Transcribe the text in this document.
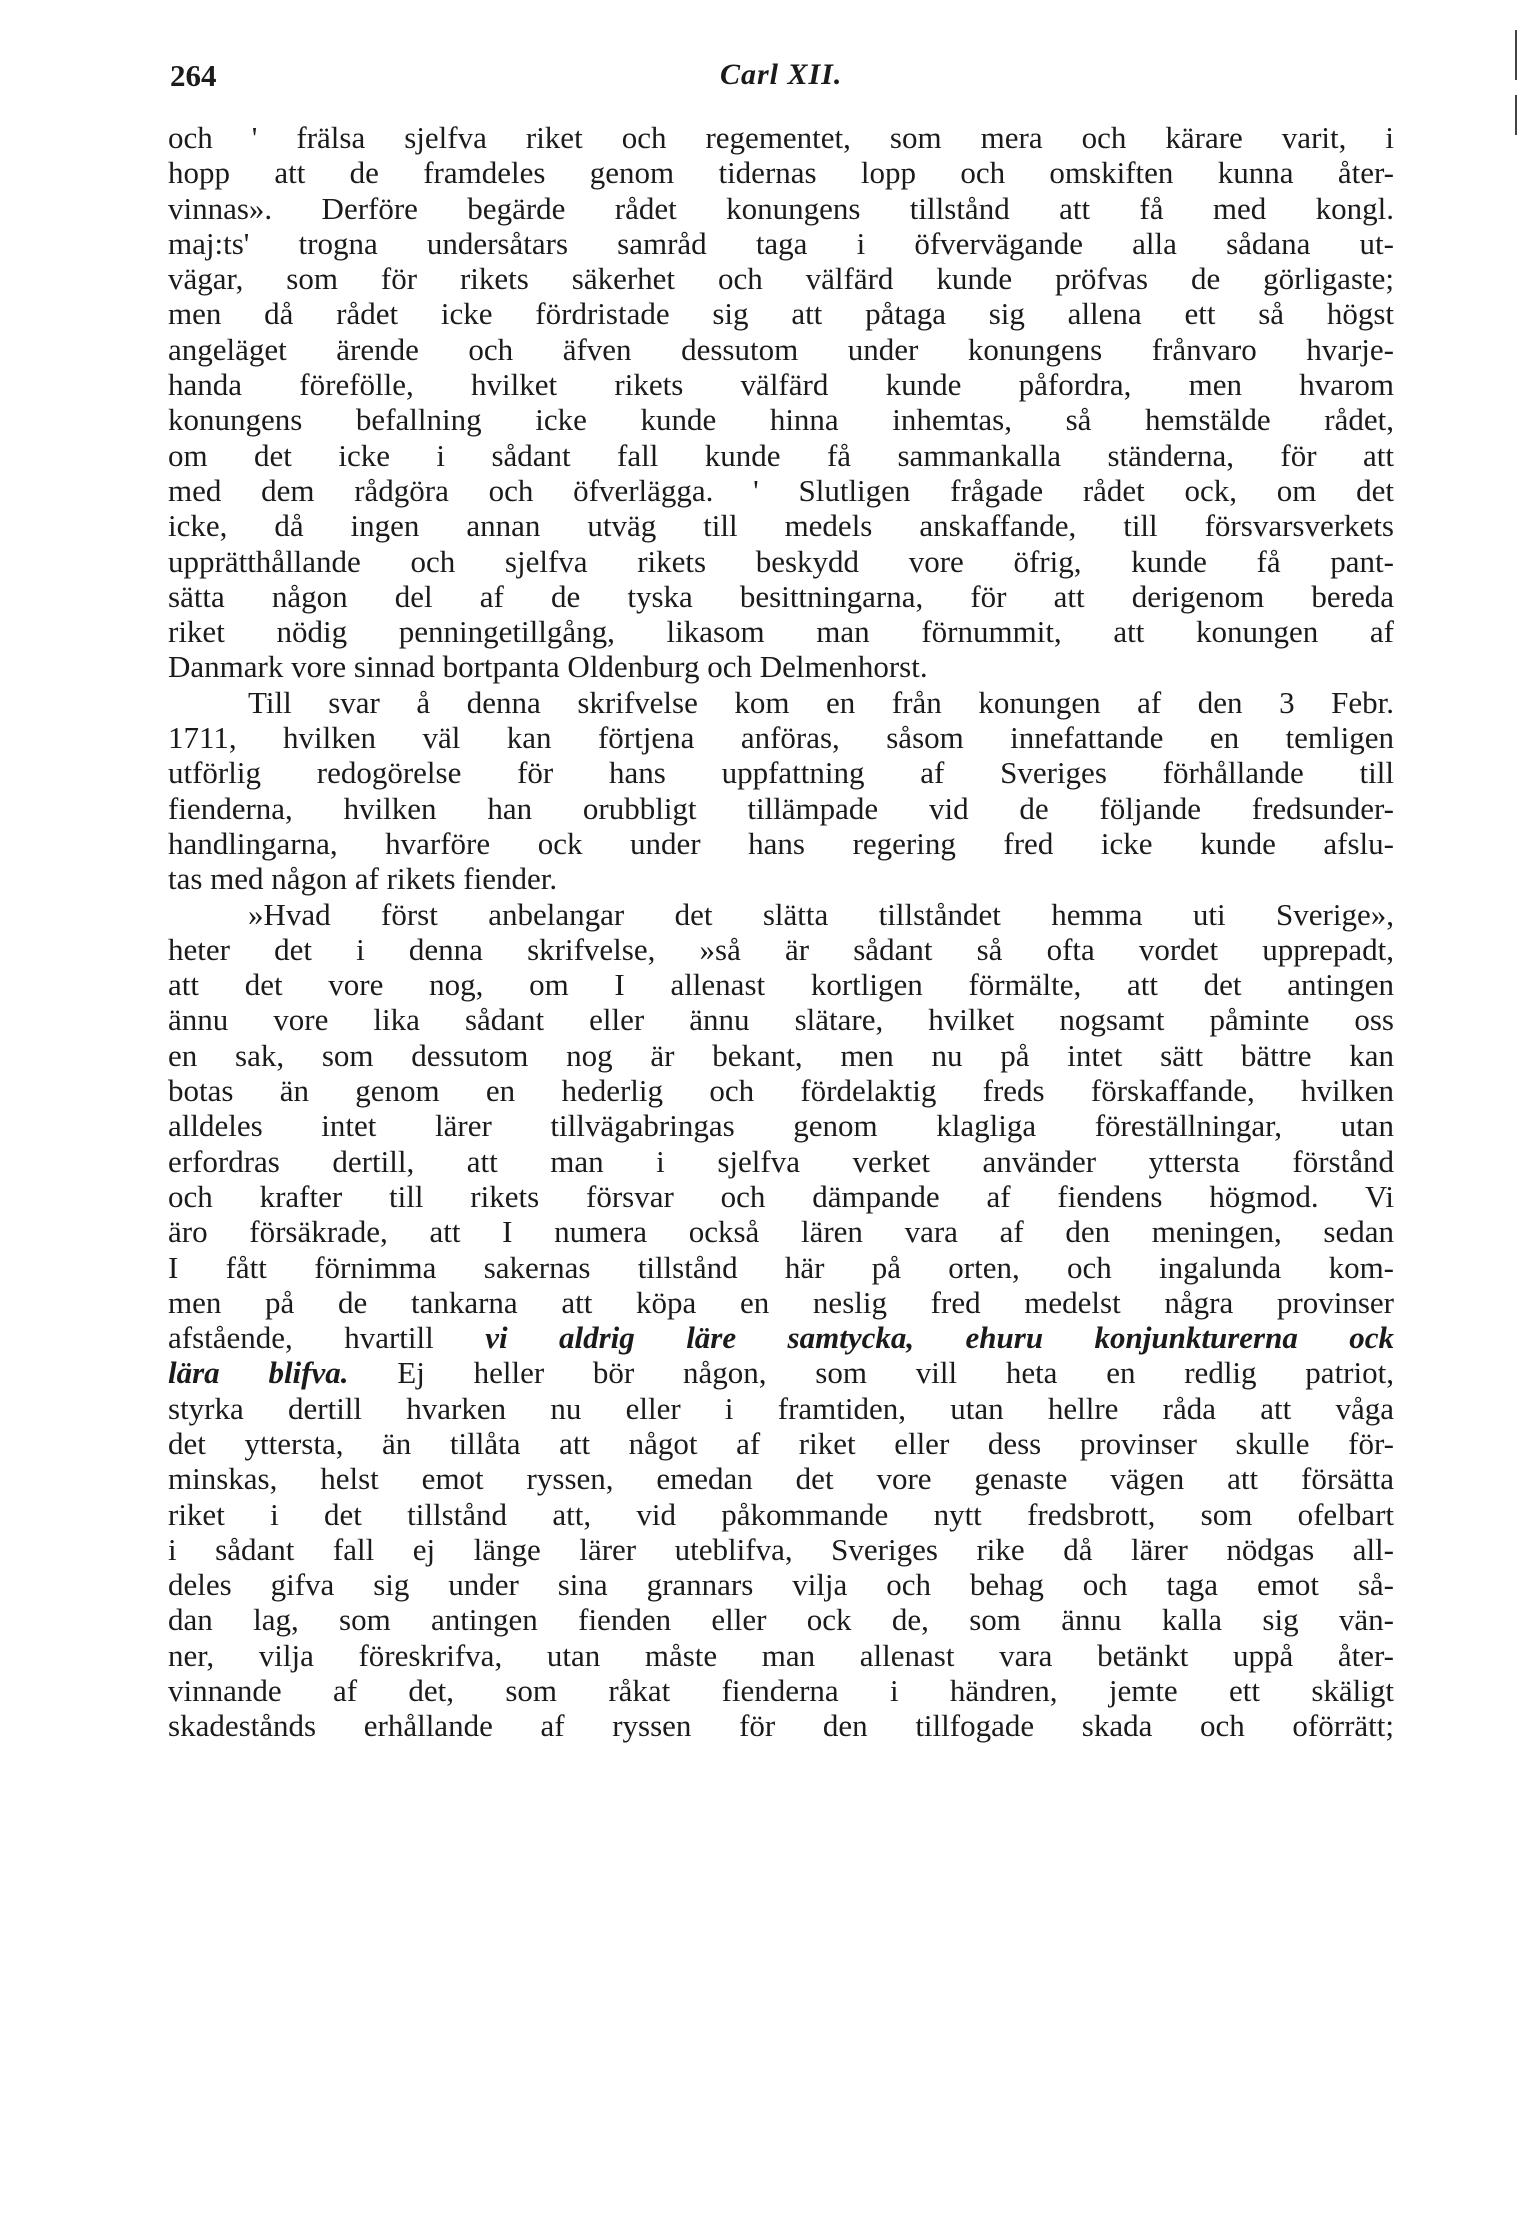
264	Carl XII.
och ' frälsa sjelfva riket och regementet, som mera och kärare varit, i
hopp att de framdeles genom tidernas lopp och omskiften kunna åter-
vinnas». Derföre begärde rådet konungens tillstånd att få med kongl.
maj:ts' trogna undersåtars samråd taga i öfvervägande alla sådana ut-
vägar, som för rikets säkerhet och välfärd kunde pröfvas de görligaste;
men då rådet icke fördristade sig att påtaga sig allena ett så högst
angeläget ärende och äfven dessutom under konungens frånvaro hvarje-
handa förefölle, hvilket rikets välfärd kunde påfordra, men hvarom
konungens befallning icke kunde hinna inhemtas, så hemstälde rådet,
om det icke i sådant fall kunde få sammankalla ständerna, för att
med dem rådgöra och öfverlägga. ' Slutligen frågade rådet ock, om det
icke, då ingen annan utväg till medels anskaffande, till försvarsverkets
upprätthållande och sjelfva rikets beskydd vore öfrig, kunde få pant-
sätta någon del af de tyska besittningarna, för att derigenom bereda
riket nödig penningetillgång, likasom man förnummit, att konungen af
Danmark vore sinnad bortpanta Oldenburg och Delmenhorst.
Till svar å denna skrifvelse kom en från konungen af den 3 Febr.
1711, hvilken väl kan förtjena anföras, såsom innefattande en temligen
utförlig redogörelse för hans uppfattning af Sveriges förhållande till
fienderna, hvilken han orubbligt tillämpade vid de följande fredsunder-
handlingarna, hvarföre ock under hans regering fred icke kunde afslu-
tas med någon af rikets fiender.
»Hvad först anbelangar det slätta tillståndet hemma uti Sverige»,
heter det i denna skrifvelse, »så är sådant så ofta vordet upprepadt,
att det vore nog, om I allenast kortligen förmälte, att det antingen
ännu vore lika sådant eller ännu slätare, hvilket nogsamt påminte oss
en sak, som dessutom nog är bekant, men nu på intet sätt bättre kan
botas än genom en hederlig och fördelaktig freds förskaffande, hvilken
alldeles intet lärer tillvägabringas genom klagliga föreställningar, utan
erfordras dertill, att man i sjelfva verket använder yttersta förstånd
och krafter till rikets försvar och dämpande af fiendens högmod. Vi
äro försäkrade, att I numera också lären vara af den meningen, sedan
I fått förnimma sakernas tillstånd här på orten, och ingalunda kom-
men på de tankarna att köpa en neslig fred medelst några provinser
afstående, hvartill vi aldrig läre samtycka, ehuru konjunkturerna ock
lära blifva. Ej heller bör någon, som vill heta en redlig patriot,
styrka dertill hvarken nu eller i framtiden, utan hellre råda att våga
det yttersta, än tillåta att något af riket eller dess provinser skulle för-
minskas, helst emot ryssen, emedan det vore genaste vägen att försätta
riket i det tillstånd att, vid påkommande nytt fredsbrott, som ofelbart
i sådant fall ej länge lärer uteblifva, Sveriges rike då lärer nödgas all-
deles gifva sig under sina grannars vilja och behag och taga emot så-
dan lag, som antingen fienden eller ock de, som ännu kalla sig vän-
ner, vilja föreskrifva, utan måste man allenast vara betänkt uppå åter-
vinnande af det, som råkat fienderna i händren, jemte ett skäligt
skadestånds erhållande af ryssen för den tillfogade skada och oförrätt;
